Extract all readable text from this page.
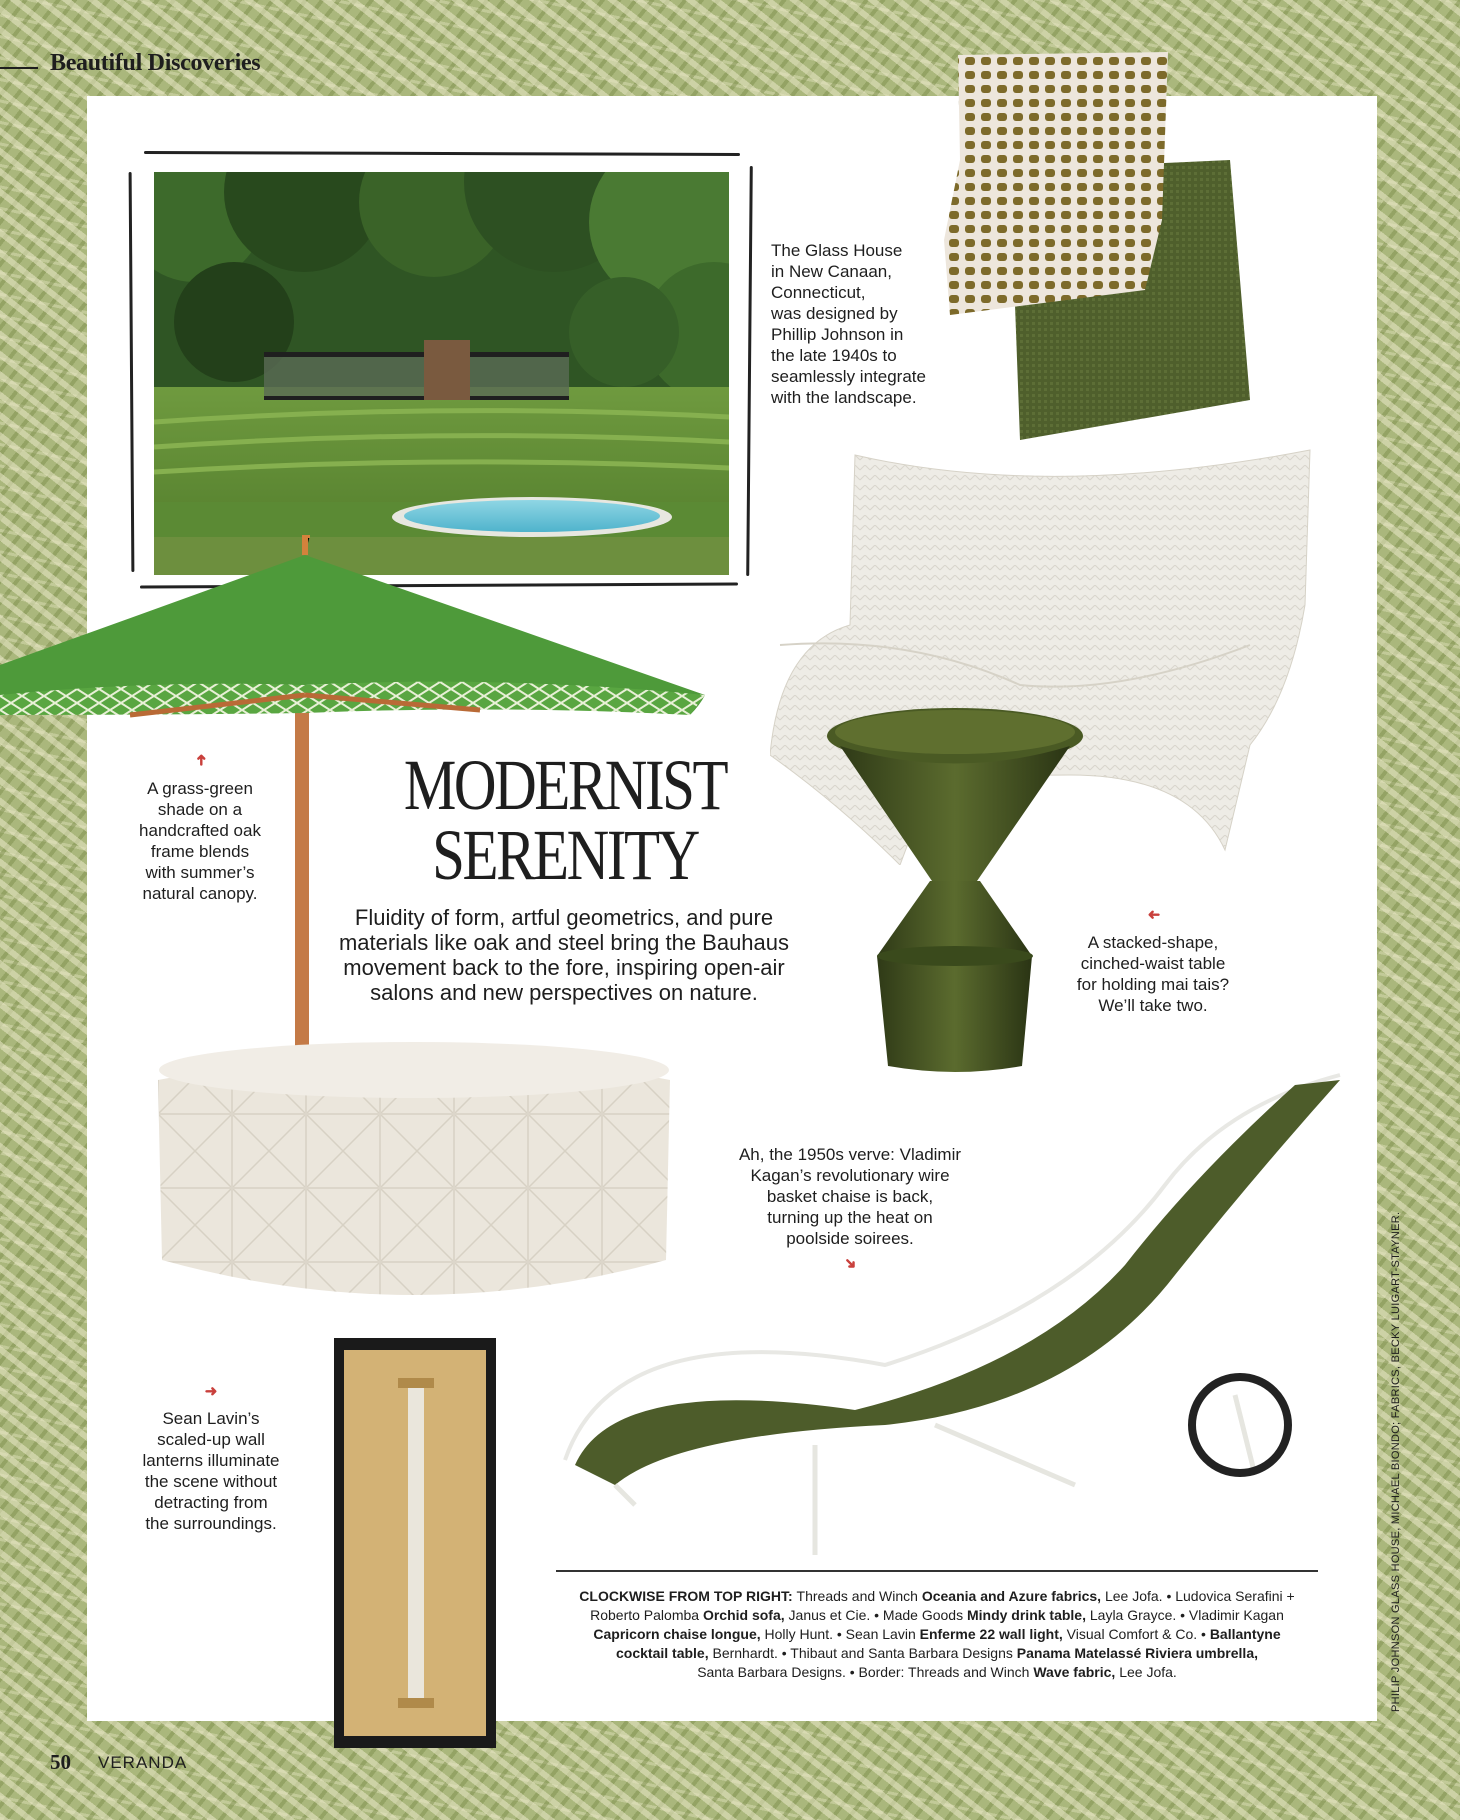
Beautiful Discoveries
The Glass House
in New Canaan,
Connecticut,
was designed by
Phillip Johnson in
the late 1940s to
seamlessly integrate
with the landscape.
➜
A grass-green
shade on a
handcrafted oak
frame blends
with summer’s
natural canopy.
➜
A stacked-shape,
cinched-waist table
for holding mai tais?
We’ll take two.
Ah, the 1950s verve: Vladimir
Kagan’s revolutionary wire
basket chaise is back,
turning up the heat on
poolside soirees.
➜
➜
Sean Lavin’s
scaled-up wall
lanterns illuminate
the scene without
detracting from
the surroundings.
MODERNIST
SERENITY
Fluidity of form, artful geometrics, and pure materials like oak and steel bring the Bauhaus movement back to the fore, inspiring open-air salons and new perspectives on nature.

CLOCKWISE FROM TOP RIGHT: Threads and Winch Oceania and Azure fabrics, Lee Jofa. • Ludovica Serafini +

Roberto Palomba Orchid sofa, Janus et Cie. • Made Goods Mindy drink table, Layla Grayce. • Vladimir Kagan

Capricorn chaise longue, Holly Hunt. • Sean Lavin Enferme 22 wall light, Visual Comfort & Co. • Ballantyne

cocktail table, Bernhardt. • Thibaut and Santa Barbara Designs Panama Matelassé Riviera umbrella,

Santa Barbara Designs. • Border: Threads and Winch Wave fabric, Lee Jofa.

50 VERANDA
PHILIP JOHNSON GLASS HOUSE, MICHAEL BIONDO; FABRICS, BECKY LUIGART-STAYNER.
